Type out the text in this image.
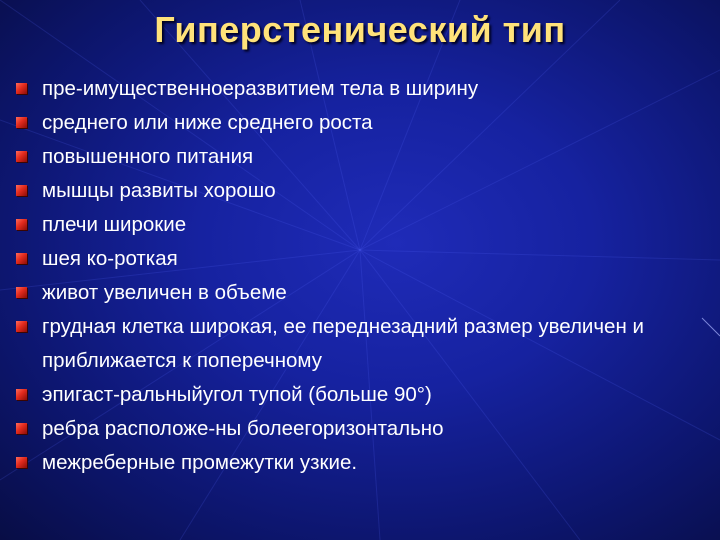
Гиперстенический тип
пре-имущественноеразвитием тела в ширину
среднего или ниже среднего роста
повышенного питания
мышцы развиты хорошо
плечи широкие
шея ко-роткая
живот увеличен в объеме
грудная клетка широкая, ее переднезадний размер увеличен и приближается к поперечному
эпигаст-ральныйугол тупой (больше 90°)
ребра расположе-ны болеегоризонтально
межреберные промежутки узкие.
